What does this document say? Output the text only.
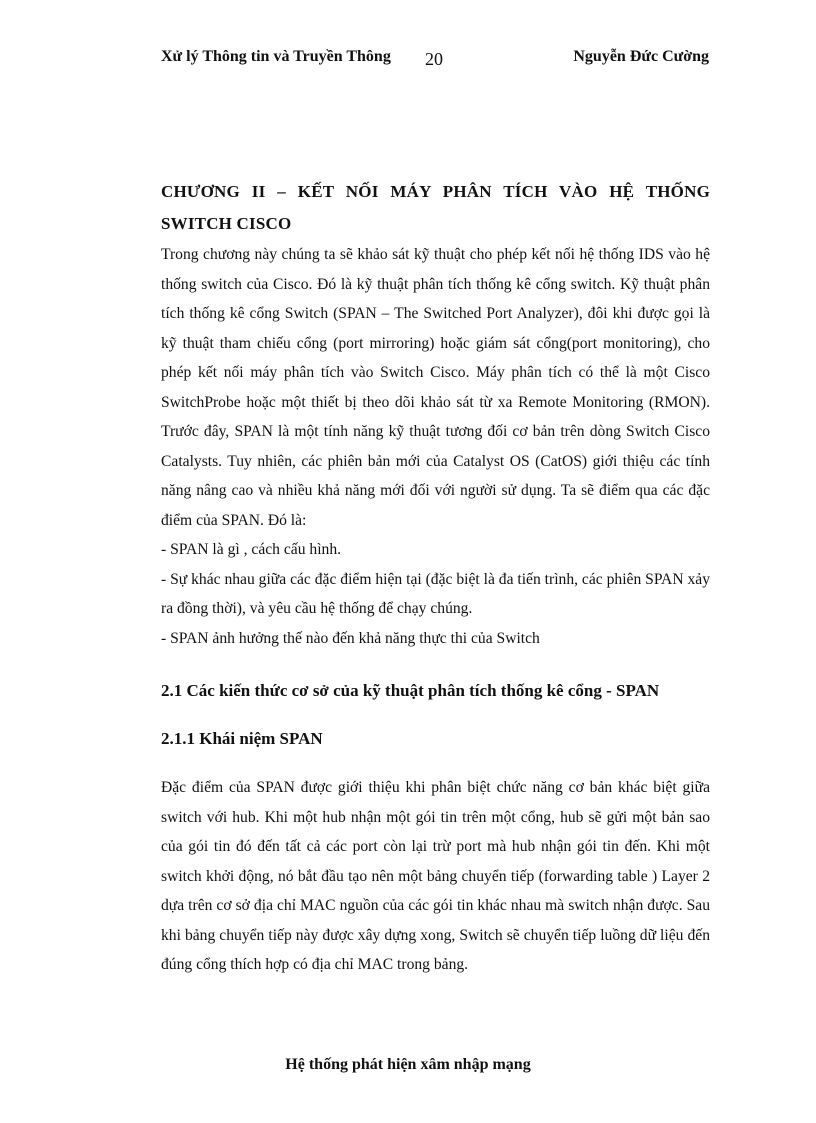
Xử lý Thông tin và Truyền Thông 20	Nguyễn Đức Cường
CHƯƠNG II – KẾT NỐI MÁY PHÂN TÍCH VÀO HỆ THỐNG SWITCH CISCO

Trong chương này chúng ta sẽ khảo sát kỹ thuật cho phép kết nối hệ thống IDS vào hệ thống switch của Cisco. Đó là kỹ thuật phân tích thống kê cổng switch. Kỹ thuật phân tích thống kê cổng Switch (SPAN – The Switched Port Analyzer), đôi khi được gọi là kỹ thuật tham chiếu cổng (port mirroring) hoặc giám sát cổng(port monitoring), cho phép kết nối máy phân tích vào Switch Cisco. Máy phân tích có thể là một Cisco SwitchProbe hoặc một thiết bị theo dõi khảo sát từ xa Remote Monitoring (RMON). Trước đây, SPAN là một tính năng kỹ thuật tương đối cơ bản trên dòng Switch Cisco Catalysts. Tuy nhiên, các phiên bản mới của Catalyst OS (CatOS) giới thiệu các tính năng nâng cao và nhiều khả năng mới đối với người sử dụng. Ta sẽ điểm qua các đặc điểm của SPAN. Đó là:

- SPAN là gì , cách cấu hình.

- Sự khác nhau giữa các đặc điểm hiện tại (đặc biệt là đa tiến trình, các phiên SPAN xảy ra đồng thời), và yêu cầu hệ thống để chạy chúng.

- SPAN ảnh hưởng thế nào đến khả năng thực thi của Switch

2.1 Các kiến thức cơ sở của kỹ thuật phân tích thống kê cổng - SPAN
2.1.1 Khái niệm SPAN

Đặc điểm của SPAN được giới thiệu khi phân biệt chức năng cơ bản khác biệt giữa switch với hub. Khi một hub nhận một gói tin trên một cổng, hub sẽ gửi một bản sao của gói tin đó đến tất cả các port còn lại trừ port mà hub nhận gói tin đến. Khi một switch khởi động, nó bắt đầu tạo nên một bảng chuyển tiếp (forwarding table ) Layer 2 dựa trên cơ sở địa chỉ MAC nguồn của các gói tin khác nhau mà switch nhận được. Sau khi bảng chuyển tiếp này được xây dựng xong, Switch sẽ chuyển tiếp luồng dữ liệu đến đúng cổng thích hợp có địa chỉ MAC trong bảng.

Hệ thống phát hiện xâm nhập mạng
